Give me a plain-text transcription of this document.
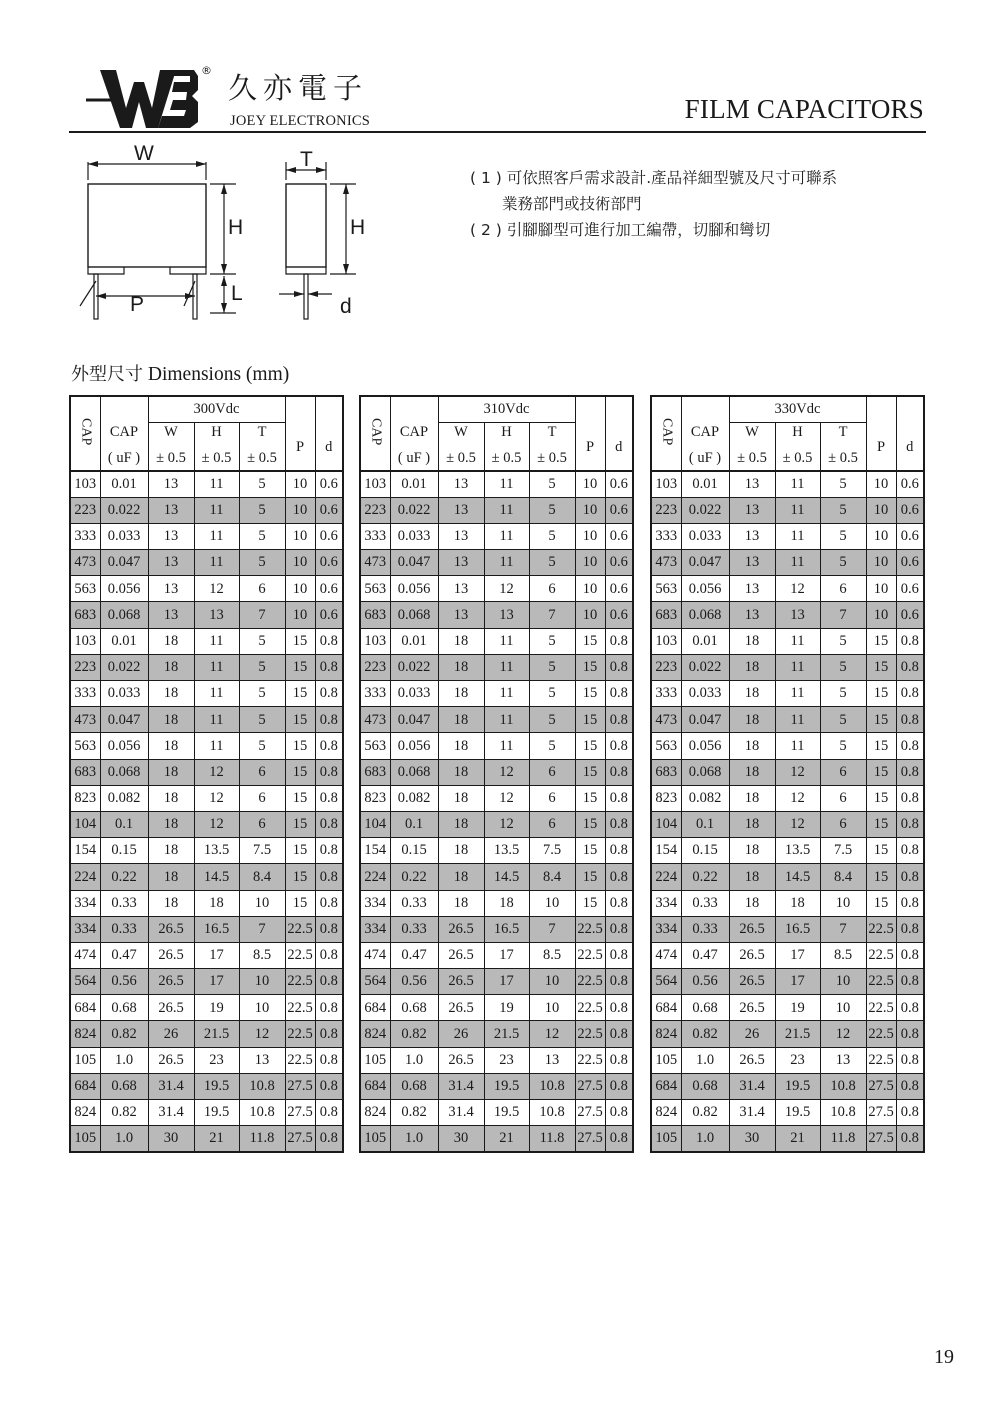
®
久亦電子
JOEY ELECTRONICS	FILM CAPACITORS
W
H
L
P
T
H
d
( 1 ) 可依照客戶需求設計.產品祥細型號及尺寸可聯系
業務部門或技術部門
( 2 ) 引腳腳型可進行加工編帶，切腳和彎切
外型尺寸 Dimensions (mm)
CAP		300Vdc				
	CAP	W	H	T	P	d
	( uF )	± 0.5	± 0.5	± 0.5		
103	0.01	13	11	5	10	0.6
223	0.022	13	11	5	10	0.6
333	0.033	13	11	5	10	0.6
473	0.047	13	11	5	10	0.6
563	0.056	13	12	6	10	0.6
683	0.068	13	13	7	10	0.6
103	0.01	18	11	5	15	0.8
223	0.022	18	11	5	15	0.8
333	0.033	18	11	5	15	0.8
473	0.047	18	11	5	15	0.8
563	0.056	18	11	5	15	0.8
683	0.068	18	12	6	15	0.8
823	0.082	18	12	6	15	0.8
104	0.1	18	12	6	15	0.8
154	0.15	18	13.5	7.5	15	0.8
224	0.22	18	14.5	8.4	15	0.8
334	0.33	18	18	10	15	0.8
334	0.33	26.5	16.5	7	22.5	0.8
474	0.47	26.5	17	8.5	22.5	0.8
564	0.56	26.5	17	10	22.5	0.8
684	0.68	26.5	19	10	22.5	0.8
824	0.82	26	21.5	12	22.5	0.8
105	1.0	26.5	23	13	22.5	0.8
684	0.68	31.4	19.5	10.8	27.5	0.8
824	0.82	31.4	19.5	10.8	27.5	0.8
105	1.0	30	21	11.8	27.5	0.8
CAP		310Vdc				
	CAP	W	H	T	P	d
	( uF )	± 0.5	± 0.5	± 0.5		
103	0.01	13	11	5	10	0.6
223	0.022	13	11	5	10	0.6
333	0.033	13	11	5	10	0.6
473	0.047	13	11	5	10	0.6
563	0.056	13	12	6	10	0.6
683	0.068	13	13	7	10	0.6
103	0.01	18	11	5	15	0.8
223	0.022	18	11	5	15	0.8
333	0.033	18	11	5	15	0.8
473	0.047	18	11	5	15	0.8
563	0.056	18	11	5	15	0.8
683	0.068	18	12	6	15	0.8
823	0.082	18	12	6	15	0.8
104	0.1	18	12	6	15	0.8
154	0.15	18	13.5	7.5	15	0.8
224	0.22	18	14.5	8.4	15	0.8
334	0.33	18	18	10	15	0.8
334	0.33	26.5	16.5	7	22.5	0.8
474	0.47	26.5	17	8.5	22.5	0.8
564	0.56	26.5	17	10	22.5	0.8
684	0.68	26.5	19	10	22.5	0.8
824	0.82	26	21.5	12	22.5	0.8
105	1.0	26.5	23	13	22.5	0.8
684	0.68	31.4	19.5	10.8	27.5	0.8
824	0.82	31.4	19.5	10.8	27.5	0.8
105	1.0	30	21	11.8	27.5	0.8
CAP		330Vdc				
	CAP	W	H	T	P	d
	( uF )	± 0.5	± 0.5	± 0.5		
103	0.01	13	11	5	10	0.6
223	0.022	13	11	5	10	0.6
333	0.033	13	11	5	10	0.6
473	0.047	13	11	5	10	0.6
563	0.056	13	12	6	10	0.6
683	0.068	13	13	7	10	0.6
103	0.01	18	11	5	15	0.8
223	0.022	18	11	5	15	0.8
333	0.033	18	11	5	15	0.8
473	0.047	18	11	5	15	0.8
563	0.056	18	11	5	15	0.8
683	0.068	18	12	6	15	0.8
823	0.082	18	12	6	15	0.8
104	0.1	18	12	6	15	0.8
154	0.15	18	13.5	7.5	15	0.8
224	0.22	18	14.5	8.4	15	0.8
334	0.33	18	18	10	15	0.8
334	0.33	26.5	16.5	7	22.5	0.8
474	0.47	26.5	17	8.5	22.5	0.8
564	0.56	26.5	17	10	22.5	0.8
684	0.68	26.5	19	10	22.5	0.8
824	0.82	26	21.5	12	22.5	0.8
105	1.0	26.5	23	13	22.5	0.8
684	0.68	31.4	19.5	10.8	27.5	0.8
824	0.82	31.4	19.5	10.8	27.5	0.8
105	1.0	30	21	11.8	27.5	0.8
19
